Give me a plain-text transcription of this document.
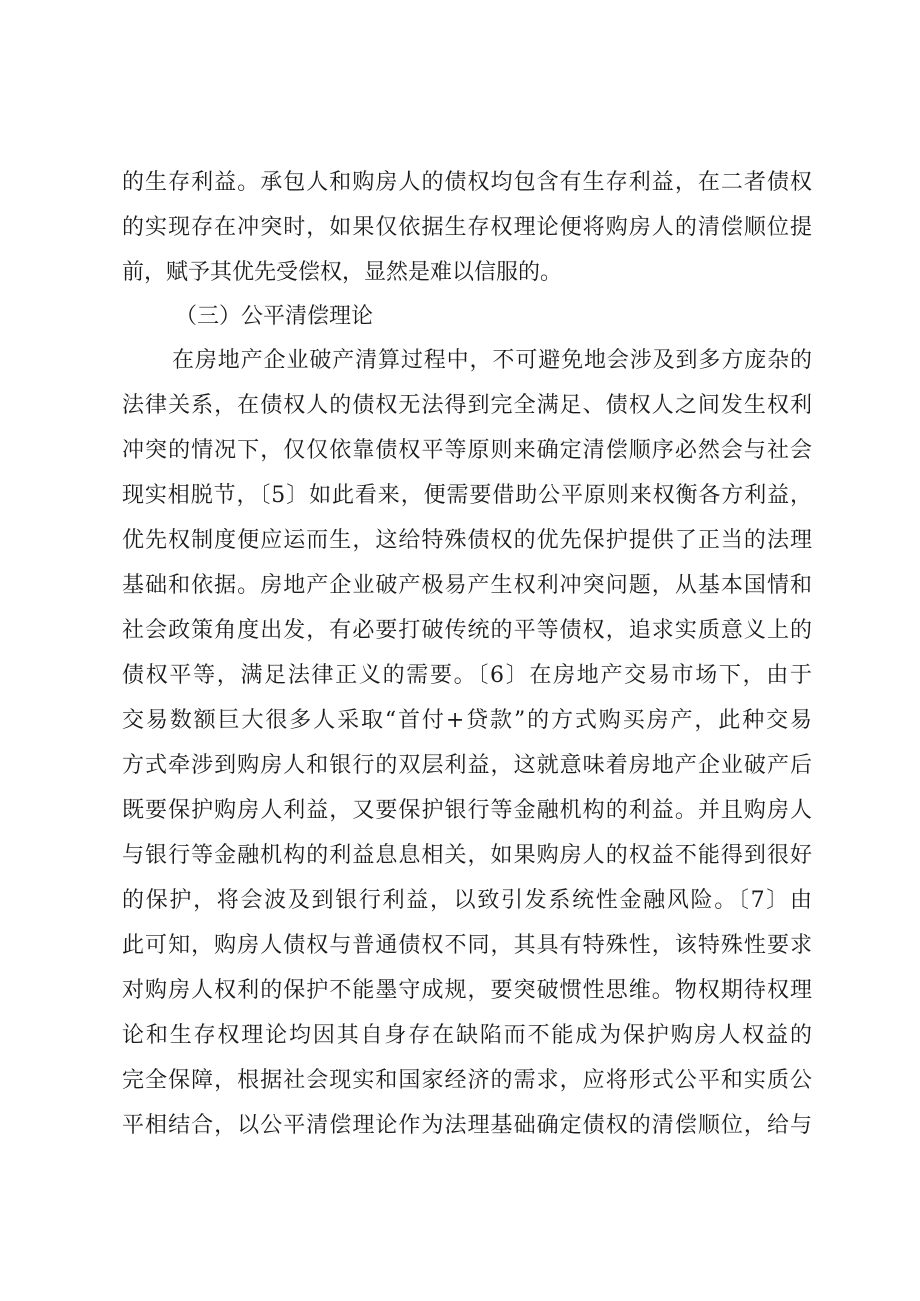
的生存利益。承包人和购房人的债权均包含有生存利益，在二者债权
的实现存在冲突时，如果仅依据生存权理论便将购房人的清偿顺位提
前，赋予其优先受偿权，显然是难以信服的。
（三）公平清偿理论
在房地产企业破产清算过程中，不可避免地会涉及到多方庞杂的
法律关系，在债权人的债权无法得到完全满足、债权人之间发生权利
冲突的情况下，仅仅依靠债权平等原则来确定清偿顺序必然会与社会
现实相脱节，〔5〕如此看来，便需要借助公平原则来权衡各方利益，
优先权制度便应运而生，这给特殊债权的优先保护提供了正当的法理
基础和依据。房地产企业破产极易产生权利冲突问题，从基本国情和
社会政策角度出发，有必要打破传统的平等债权，追求实质意义上的
债权平等，满足法律正义的需要。〔6〕在房地产交易市场下，由于
交易数额巨大很多人采取“首付+贷款”的方式购买房产，此种交易
方式牵涉到购房人和银行的双层利益，这就意味着房地产企业破产后
既要保护购房人利益，又要保护银行等金融机构的利益。并且购房人
与银行等金融机构的利益息息相关，如果购房人的权益不能得到很好
的保护，将会波及到银行利益，以致引发系统性金融风险。〔7〕由
此可知，购房人债权与普通债权不同，其具有特殊性，该特殊性要求
对购房人权利的保护不能墨守成规，要突破惯性思维。物权期待权理
论和生存权理论均因其自身存在缺陷而不能成为保护购房人权益的
完全保障，根据社会现实和国家经济的需求，应将形式公平和实质公
平相结合，以公平清偿理论作为法理基础确定债权的清偿顺位，给与
